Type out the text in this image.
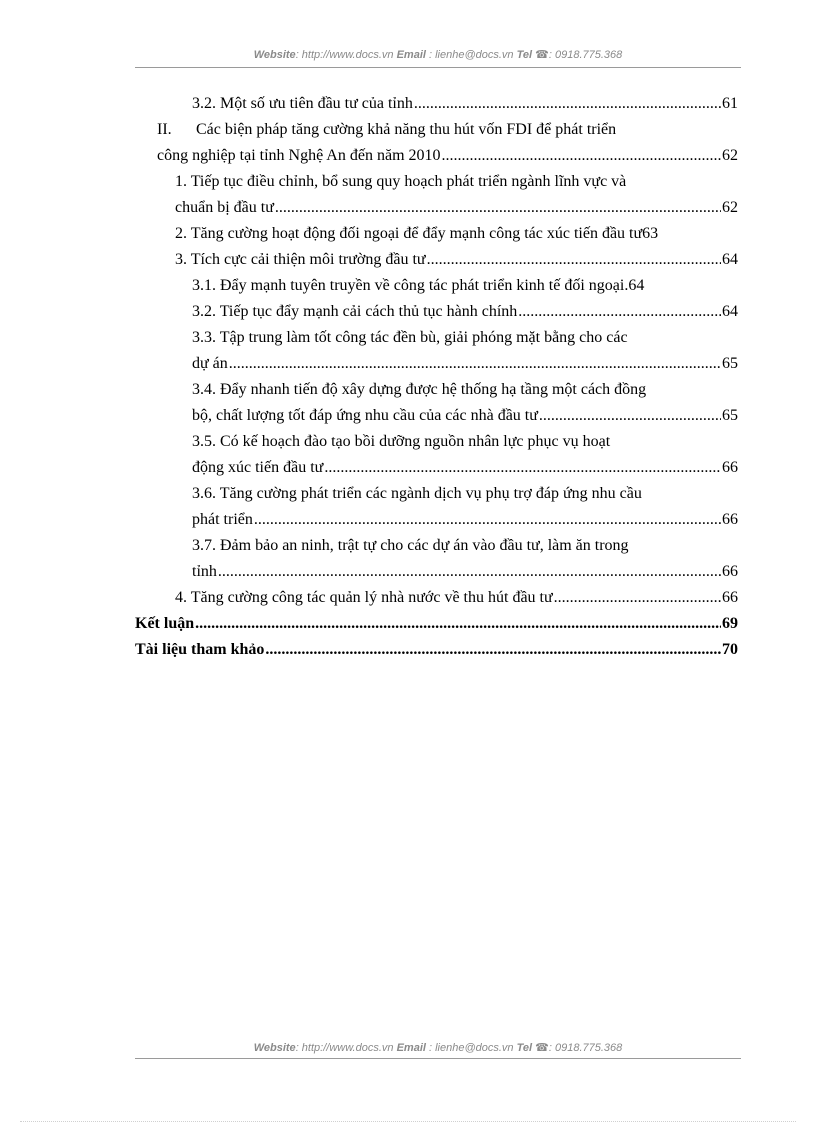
Website: http://www.docs.vn Email : lienhe@docs.vn Tel ☎: 0918.775.368
3.2. Một số ưu tiên đầu tư của tỉnh .....	61
II. Các biện pháp tăng cường khả năng thu hút vốn FDI để phát triển
công nghiệp tại tỉnh Nghệ An đến năm 2010 .....	62
1. Tiếp tục điều chỉnh, bổ sung quy hoạch phát triển ngành lĩnh vực và
chuẩn bị đầu tư .....	62
2. Tăng cường hoạt động đối ngoại để đẩy mạnh công tác xúc tiến đầu tư 63
3. Tích cực cải thiện môi trường đầu tư .....	64
3.1. Đẩy mạnh tuyên truyền về công tác phát triển kinh tế đối ngoại .64
3.2. Tiếp tục đẩy mạnh cải cách thủ tục hành chính .....	64
3.3. Tập trung làm tốt công tác đền bù, giải phóng mặt bằng cho các
dự án .....	65
3.4. Đẩy nhanh tiến độ xây dựng được hệ thống hạ tầng một cách đồng
bộ, chất lượng tốt đáp ứng nhu cầu của các nhà đầu tư .....	65
3.5. Có kế hoạch đào tạo bồi dưỡng nguồn nhân lực phục vụ hoạt
động xúc tiến đầu tư .....	66
3.6. Tăng cường phát triển các ngành dịch vụ phụ trợ đáp ứng nhu cầu
phát triển .....	66
3.7. Đảm bảo an ninh, trật tự cho các dự án vào đầu tư, làm ăn trong
tỉnh .....	66
4. Tăng cường công tác quản lý nhà nước về thu hút đầu tư .....	66
Kết luận .....	69
Tài liệu tham khảo .....	70
Website: http://www.docs.vn Email : lienhe@docs.vn Tel ☎: 0918.775.368
